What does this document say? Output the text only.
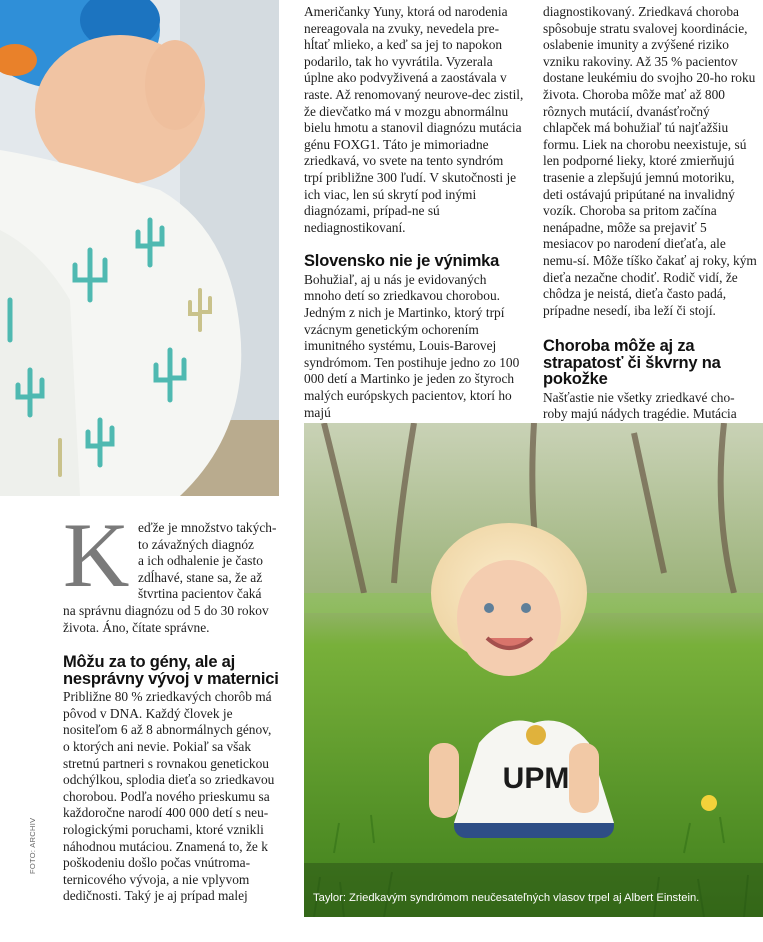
Američanky Yuny, ktorá od narodenia nereagovala na zvuky, nevedela pre-hĺtať mlieko, a keď sa jej to napokon podarilo, tak ho vyvrátila. Vyzerala úplne ako podvyživená a zaostávala v raste. Až renomovaný neurove-dec zistil, že dievčatko má v mozgu abnormálnu bielu hmotu a stanovil diagnózu mutácia génu FOXG1. Táto je mimoriadne zriedkavá, vo svete na tento syndróm trpí približne 300 ľudí. V skutočnosti je ich viac, len sú skrytí pod inými diagnózami, prípad-ne sú nediagnostikovaní.

Slovensko nie je výnimka

Bohužiaľ, aj u nás je evidovaných mnoho detí so zriedkavou chorobou. Jedným z nich je Martinko, ktorý trpí vzácnym genetickým ochorením imunitného systému, Louis-Barovej syndrómom. Ten postihuje jedno zo 100 000 detí a Martinko je jeden zo štyroch malých európskych pacientov, ktorí ho majú

diagnostikovaný. Zriedkavá choroba spôsobuje stratu svalovej koordinácie, oslabenie imunity a zvýšené riziko vzniku rakoviny. Až 35 % pacientov dostane leukémiu do svojho 20-ho roku života. Choroba môže mať až 800 rôznych mutácií, dvanásťročný chlapček má bohužiaľ tú najťažšiu formu. Liek na chorobu neexistuje, sú len podporné lieky, ktoré zmierňujú trasenie a zlepšujú jemnú motoriku, deti ostávajú pripútané na invalidný vozík. Choroba sa pritom začína nenápadne, môže sa prejaviť 5 mesiacov po narodení dieťaťa, ale nemu-sí. Môže tíško čakať aj roky, kým dieťa nezačne chodiť. Rodič vidí, že chôdza je neistá, dieťa často padá, prípadne nesedí, iba leží či stojí.

Choroba môže aj za strapatosť či škvrny na pokožke

Našťastie nie všetky zriedkavé cho-roby majú nádych tragédie. Mutácia

K eďže je množstvo takých-

to závažných diagnóz

a ich odhalenie je často

zdĺhavé, stane sa, že až

štvrtina pacientov čaká

na správnu diagnózu od 5 do 30 rokov života. Áno, čítate správne.

Môžu za to gény, ale aj nesprávny vývoj v maternici

Približne 80 % zriedkavých chorôb má pôvod v DNA. Každý človek je nositeľom 6 až 8 abnormálnych génov, o ktorých ani nevie. Pokiaľ sa však stretnú partneri s rovnakou genetickou odchýlkou, splodia dieťa so zriedkavou chorobou. Podľa nového prieskumu sa každoročne narodí 400 000 detí s neu-rologickými poruchami, ktoré vznikli náhodnou mutáciou. Znamená to, že k poškodeniu došlo počas vnútroma-ternicového vývoja, a nie vplyvom dedičnosti. Taký je aj prípad malej

UPM
Taylor: Zriedkavým syndrómom neučesateľných vlasov trpel aj Albert Einstein.
FOTO: ARCHIV
